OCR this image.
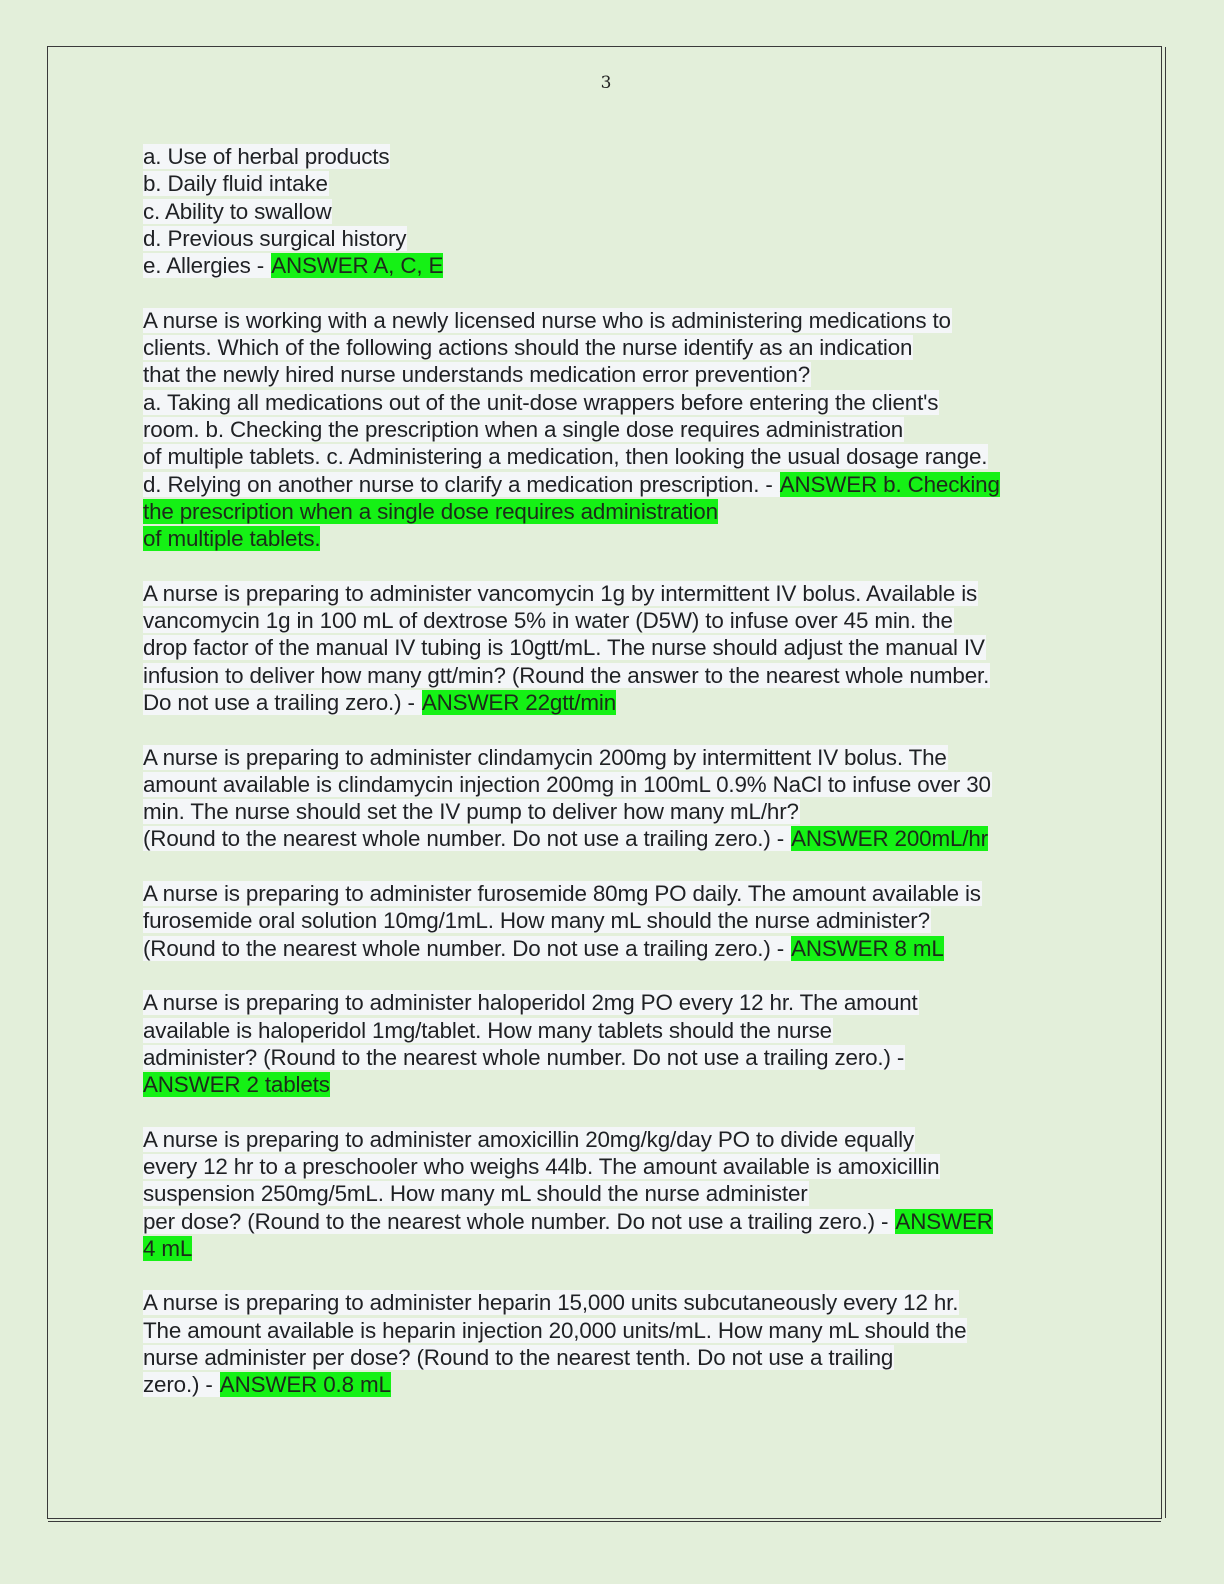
3
a. Use of herbal products
b. Daily fluid intake
c. Ability to swallow
d. Previous surgical history
e. Allergies - ANSWER A, C, E
A nurse is working with a newly licensed nurse who is administering medications to
clients. Which of the following actions should the nurse identify as an indication
that the newly hired nurse understands medication error prevention?
a. Taking all medications out of the unit-dose wrappers before entering the client's
room. b. Checking the prescription when a single dose requires administration
of multiple tablets. c. Administering a medication, then looking the usual dosage range.
d. Relying on another nurse to clarify a medication prescription. - ANSWER b. Checking
the prescription when a single dose requires administration
of multiple tablets.
A nurse is preparing to administer vancomycin 1g by intermittent IV bolus. Available is
vancomycin 1g in 100 mL of dextrose 5% in water (D5W) to infuse over 45 min. the
drop factor of the manual IV tubing is 10gtt/mL. The nurse should adjust the manual IV
infusion to deliver how many gtt/min? (Round the answer to the nearest whole number.
Do not use a trailing zero.) - ANSWER 22gtt/min
A nurse is preparing to administer clindamycin 200mg by intermittent IV bolus. The
amount available is clindamycin injection 200mg in 100mL 0.9% NaCl to infuse over 30
min. The nurse should set the IV pump to deliver how many mL/hr?
(Round to the nearest whole number. Do not use a trailing zero.) - ANSWER 200mL/hr
A nurse is preparing to administer furosemide 80mg PO daily. The amount available is
furosemide oral solution 10mg/1mL. How many mL should the nurse administer?
(Round to the nearest whole number. Do not use a trailing zero.) - ANSWER 8 mL
A nurse is preparing to administer haloperidol 2mg PO every 12 hr. The amount
available is haloperidol 1mg/tablet. How many tablets should the nurse
administer? (Round to the nearest whole number. Do not use a trailing zero.) -
ANSWER 2 tablets
A nurse is preparing to administer amoxicillin 20mg/kg/day PO to divide equally
every 12 hr to a preschooler who weighs 44lb. The amount available is amoxicillin
suspension 250mg/5mL. How many mL should the nurse administer
per dose? (Round to the nearest whole number. Do not use a trailing zero.) - ANSWER
4 mL
A nurse is preparing to administer heparin 15,000 units subcutaneously every 12 hr.
The amount available is heparin injection 20,000 units/mL. How many mL should the
nurse administer per dose? (Round to the nearest tenth. Do not use a trailing
zero.) - ANSWER 0.8 mL
